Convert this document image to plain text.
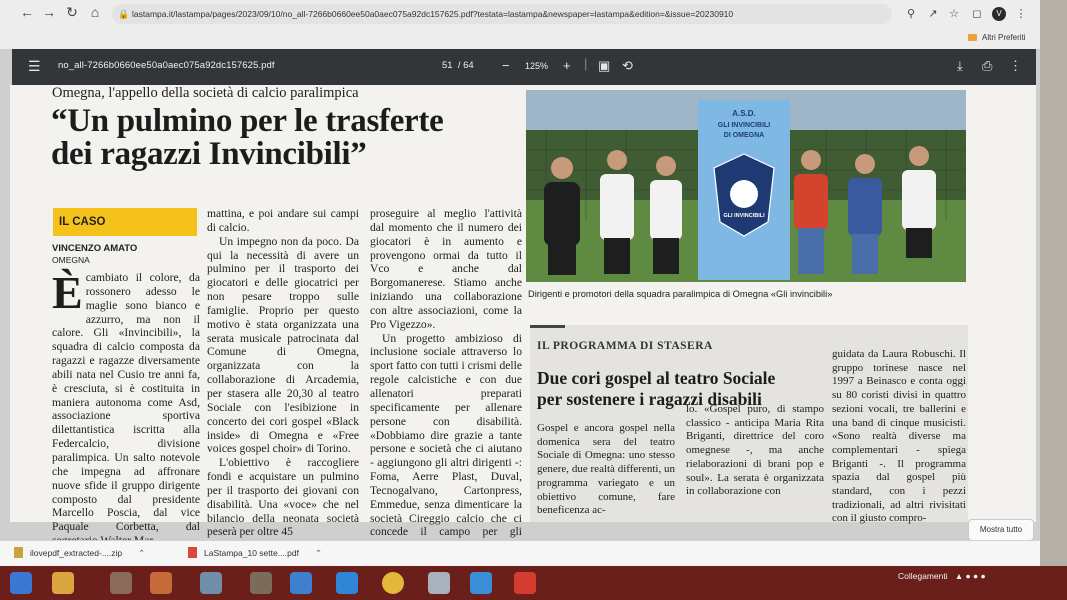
← → ↻ ⌂	🔒 lastampa.it/lastampa/pages/2023/09/10/no_all-7266b0660ee50a0aec075a92dc157625.pdf?testata=lastampa&newspaper=lastampa&edition=&issue=20230910	⚲ ↗ ☆ ◻	V	⋮
Altri Preferiti
☰ no_all-7266b0660ee50a0aec075a92dc157625.pdf	51 / 64 − 125% + | ▣ ⟲	⤓ ⎙ ⋮
Omegna, l'appello della società di calcio paralimpica
“Un pulmino per le trasferte
dei ragazzi Invincibili”
IL CASO
VINCENZO AMATO
OMEGNA
Ècambiato il colore, da rossonero adesso le maglie sono bianco e azzurro, ma non il calore. Gli «Invincibili», la squadra di calcio composta da ragazzi e ragazze diversamente abili nata nel Cusio tre anni fa, è cresciuta, si è costituita in maniera autonoma come Asd, associazione sportiva dilettantistica iscritta alla Federcalcio, divisione paralimpica. Un salto notevole che impegna ad affronare nuove sfide il gruppo dirigente composto dal presidente Marcello Poscia, dal vice Paquale Corbetta, dal

mattina, e poi andare sui campi di calcio.

Un impegno non da poco. Da qui la necessità di avere un pulmino per il trasporto dei giocatori e delle giocatrici per non pesare troppo sulle famiglie. Proprio per questo motivo è stata organizzata una serata musicale patrocinata dal Comune di Omegna, organizzata con la collaborazione di Arcademia, per stasera alle 20,30 al teatro Sociale con l'esibizione in concerto dei cori gospel «Black inside» di Omegna e «Free voices gospel choir» di Torino.

L'obiettivo è raccogliere fondi e acquistare un pulmino per il trasporto dei giovani con disabilità. Una «voce» che nel bilancio della neonata società peserà per oltre 45

proseguire al meglio l'attività dal momento che il numero dei giocatori è in aumento e provengono ormai da tutto il Vco e anche dal Borgomanerese. Stiamo anche iniziando una collaborazione con altre associazioni, come la Pro Vigezzo».

Un progetto ambizioso di inclusione sociale attraverso lo sport fatto con tutti i crismi delle regole calcistiche e con due allenatori preparati specificamente per allenare persone con disabilità. «Dobbiamo dire grazie a tante persone e società che ci aiutano - aggiungono gli altri dirigenti -: Foma, Aerre Plast, Duval, Tecnogalvano, Cartonpress, Emmedue, senza dimenticare la società Cireggio calcio che ci concede il campo per gli

A.S.D.
GLI INVINCIBILI
DI OMEGNA
GLI INVINCIBILI
Dirigenti e promotori della squadra paralimpica di Omegna «Gli invincibili»
IL PROGRAMMA DI STASERA
Due cori gospel al teatro Sociale
per sostenere i ragazzi disabili
Gospel e ancora gospel nella domenica sera del teatro Sociale di Omegna: uno stesso genere, due realtà differenti, un programma variegato e un obiettivo comune, fare beneficenza ac-
lo. «Gospel puro, di stampo classico - anticipa Maria Rita Briganti, direttrice del coro omegnese -, ma anche rielaborazioni di brani pop e soul». La serata è organizzata in collaborazione con
guidata da Laura Robuschi. Il gruppo torinese nasce nel 1997 a Beinasco e conta oggi su 80 coristi divisi in quattro sezioni vocali, tre ballerini e una band di cinque musicisti. «Sono realtà diverse ma complementari - spiega Briganti -. Il programma spazia dal gospel più standard, con i pezzi tradizionali, ad altri rivisitati con il giusto compro-
Mostra tutto
ilovepdf_extracted-....zip ⌃	LaStampa_10 sette....pdf ⌃
Collegamenti   ▲ ● ● ●
